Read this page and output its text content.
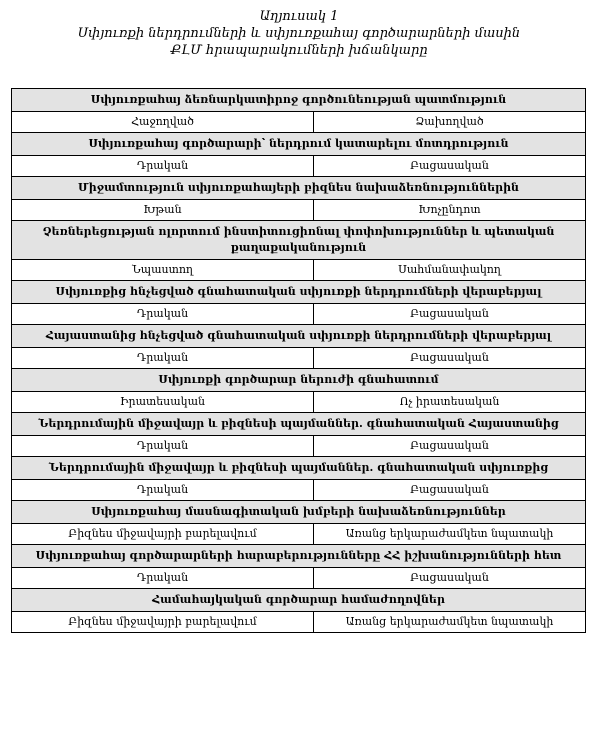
Աղյուսակ 1
Սփյուռքի ներդրումների և սփյուռքահայ գործարարների մասին
ՔԼՄ հրապարակումների խճանկարը
Սփյուռքահայ ձեռնարկատիրոջ գործունեության պատմություն	
Հաջողված	Ձախողված
Սփյուռքահայ գործարարի՝ ներդրում կատարելու մոտդրություն	
Դրական	Բացասական
Միջամտություն սփյուռքահայերի բիզնես նախաձեռնություններին	
Խթան	Խոչընդոտ
Չեռներեցության ոլորտում ինստիտուցիոնալ փոփոխություններ և պետական քաղաքականություն	
Նպաստող	Սահմանափակող
Սփյուռքից հնչեցված գնահատական սփյուռքի ներդրումների վերաբերյալ	
Դրական	Բացասական
Հայաստանից հնչեցված գնահատական սփյուռքի ներդրումների վերաբերյալ	
Դրական	Բացասական
Սփյուռքի գործարար ներուժի գնահատում	
Իրատեսական	Ոչ իրատեսական
Ներդրումային միջավայր և բիզնեսի պայմաններ. գնահատական Հայաստանից	
Դրական	Բացասական
Ներդրումային միջավայր և բիզնեսի պայմաններ. գնահատական սփյուռքից	
Դրական	Բացասական
Սփյուռքահայ մասնագիտական խմբերի նախաձեռնություններ	
Բիզնես միջավայրի բարելավում	Առանց երկարաժամկետ նպատակի
Սփյուռքահայ գործարարների հարաբերությունները ՀՀ իշխանությունների հետ	
Դրական	Բացասական
Համահայկական գործարար համաժողովներ	
Բիզնես միջավայրի բարելավում	Առանց երկարաժամկետ նպատակի
